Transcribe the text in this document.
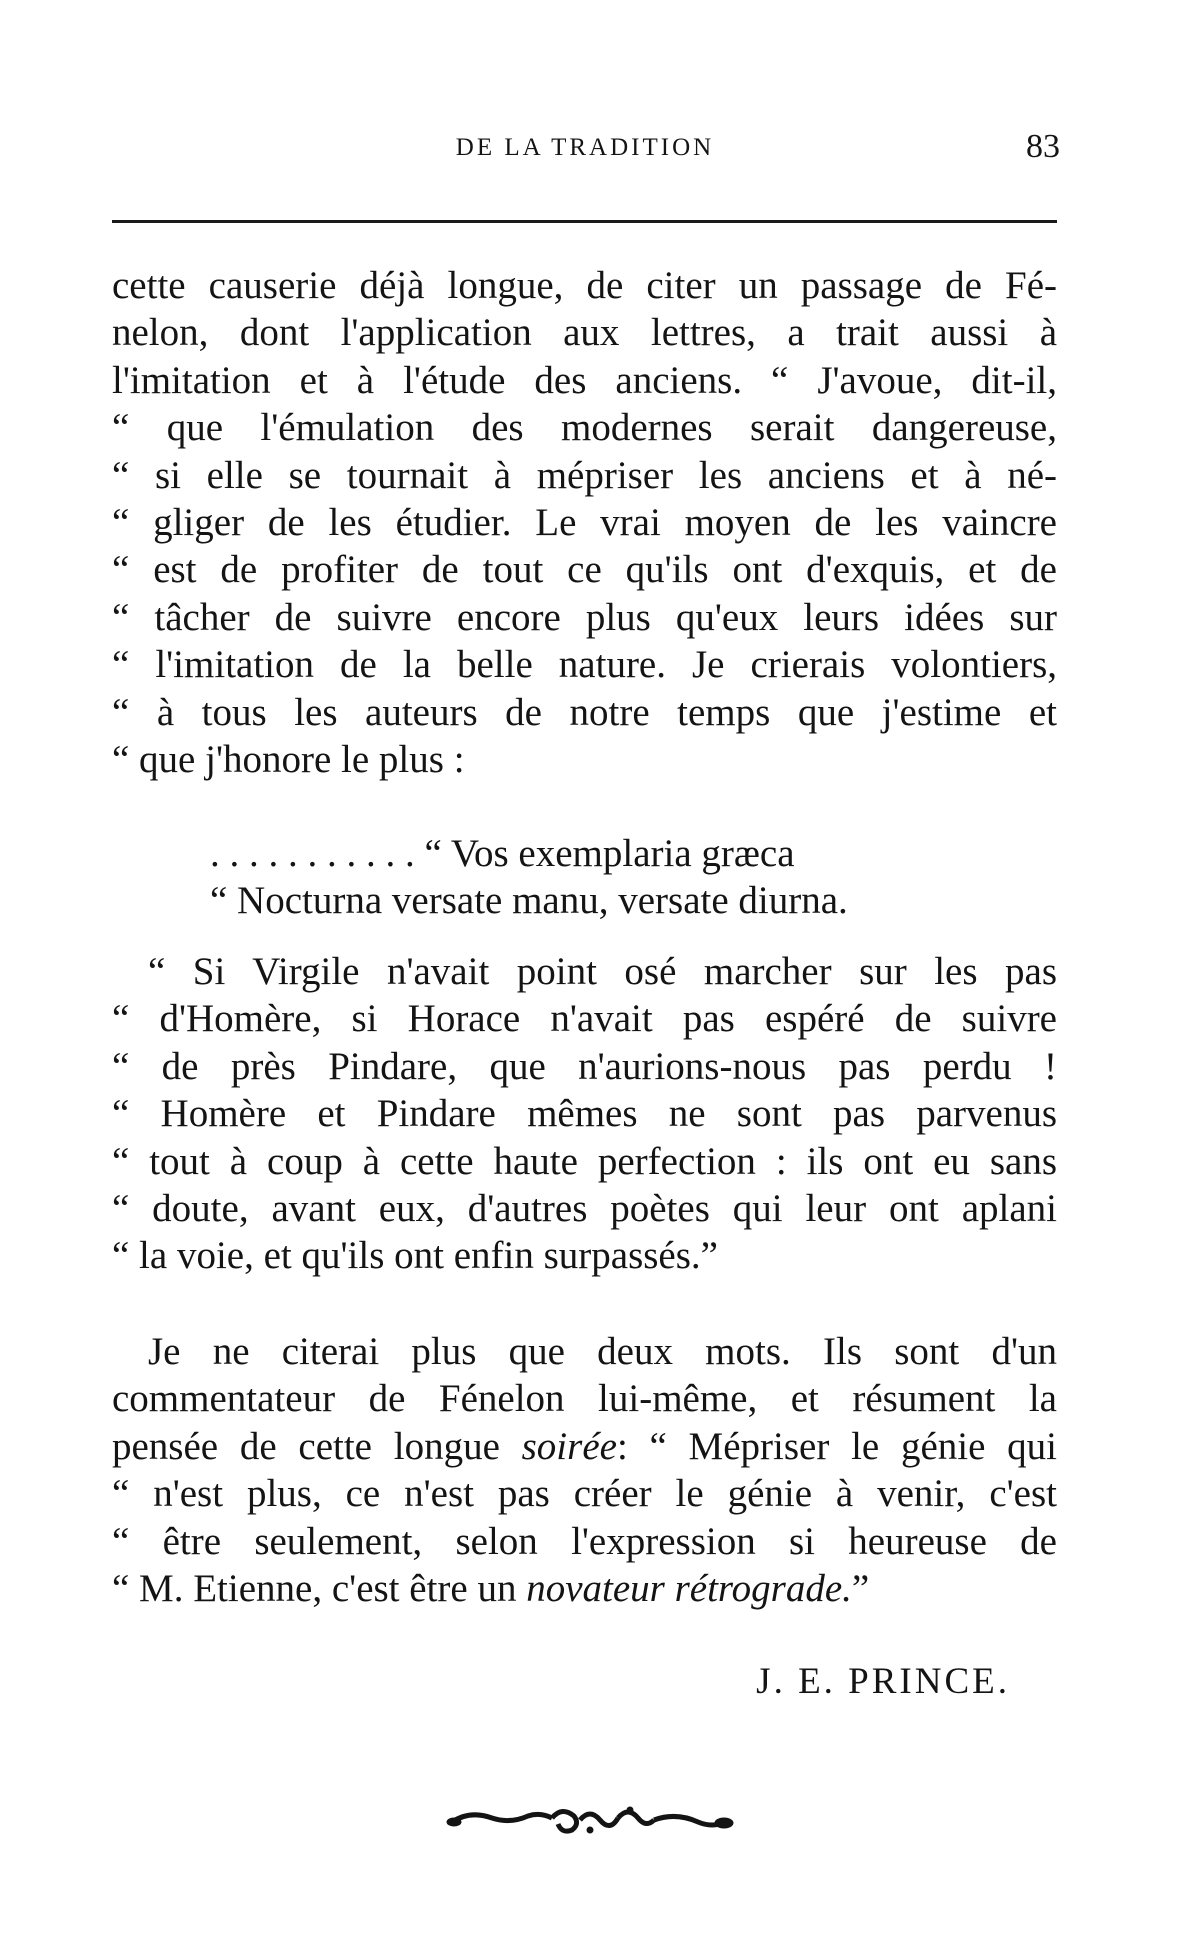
DE LA TRADITION	83
cette causerie déjà longue, de citer un passage de Fé-
nelon, dont l'application aux lettres, a trait aussi à
l'imitation et à l'étude des anciens. “ J'avoue, dit-il,
“ que l'émulation des modernes serait dangereuse,
“ si elle se tournait à mépriser les anciens et à né-
“ gliger de les étudier. Le vrai moyen de les vaincre
“ est de profiter de tout ce qu'ils ont d'exquis, et de
“ tâcher de suivre encore plus qu'eux leurs idées sur
“ l'imitation de la belle nature. Je crierais volontiers,
“ à tous les auteurs de notre temps que j'estime et
“ que j'honore le plus :
. . . . . . . . . . . “ Vos exemplaria græca
“ Nocturna versate manu, versate diurna.
“ Si Virgile n'avait point osé marcher sur les pas
“ d'Homère, si Horace n'avait pas espéré de suivre
“ de près Pindare, que n'aurions-nous pas perdu !
“ Homère et Pindare mêmes ne sont pas parvenus
“ tout à coup à cette haute perfection : ils ont eu sans
“ doute, avant eux, d'autres poètes qui leur ont aplani
“ la voie, et qu'ils ont enfin surpassés.”
Je ne citerai plus que deux mots. Ils sont d'un
commentateur de Fénelon lui-même, et résument la
pensée de cette longue soirée: “ Mépriser le génie qui
“ n'est plus, ce n'est pas créer le génie à venir, c'est
“ être seulement, selon l'expression si heureuse de
“ M. Etienne, c'est être un novateur rétrograde.”
J. E. PRINCE.
